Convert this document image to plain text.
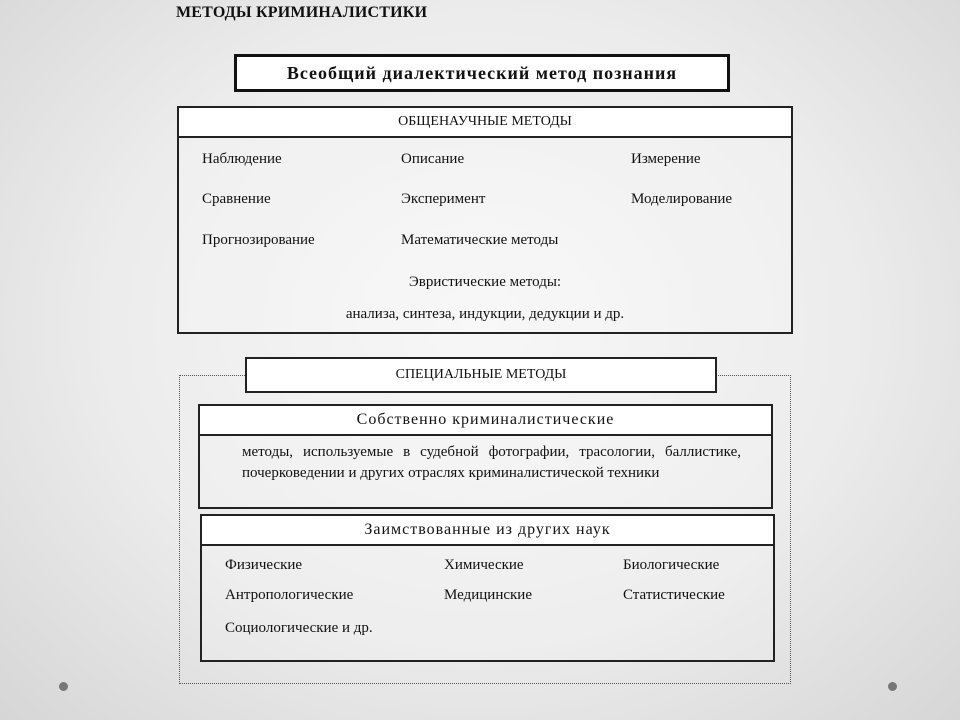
МЕТОДЫ КРИМИНАЛИСТИКИ
Всеобщий диалектический метод познания
ОБЩЕНАУЧНЫЕ МЕТОДЫ
Наблюдение	Описание	Измерение
Сравнение	Эксперимент	Моделирование
Прогнозирование	Математические методы
Эвристические методы:
анализа, синтеза, индукции, дедукции и др.
СПЕЦИАЛЬНЫЕ МЕТОДЫ
Собственно криминалистические
методы, используемые в судебной фотографии, трасологии, баллистике, почерковедении и других отраслях криминалистической техники
Заимствованные из других наук
Физические	Химические	Биологические
Антропологические	Медицинские	Статистические
Социологические и др.
